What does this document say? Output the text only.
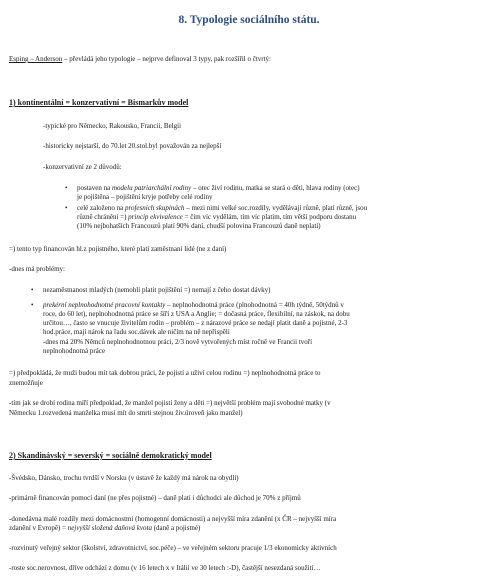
8. Typologie sociálního státu.
Esping – Anderson – převládá jeho typologie – nejprve definoval 3 typy, pak rozšířil o čtvrtý:
1) kontinentální = konzervativní = Bismarkův model
-typické pro Německo, Rakousko, Francii, Belgii
-historicky nejstarší, do 70.let 20.stol.byl považován za nejlepší
-konzervativní ze 2 důvodů:
• postaven na modelu patriarchální rodiny – otec živí rodinu, matka se stará o děti, hlava rodiny (otec)
je pojištěna – pojištění kryje potřeby celé rodiny
• celé založeno na profesních skupinách – mezi nimi velké soc.rozdíly, vydělávají různě, platí různě, jsou
různě chráněni =) princip ekvivalence = čím víc vydělám, tím víc platím, tím větší podporu dostanu
(10% nejbohatších Francouzů platí 90% daní, chudší polovina Francouzů daně neplatí)
=) tento typ financován hl.z pojistného, které platí zaměstnaní lidé (ne z daní)
-dnes má problémy:
• nezaměstnanost mladých (nemohli platit pojištění =) nemají z čeho dostat dávky)
• prekérní neplnohodnotné pracovní kontakty – neplnohodnotná práce (plnohodnotná = 40h týdně, 50týdnů v
roce, do 60 let), neplnohodnotná práce se šíří z USA a Anglie; = dočasná práce, flexibilní, na záskok, na dobu
určitou…, často se vnucuje živitelům rodin – problém – z nárazové práce se nedají platit daně a pojistné, 2-3
hod.práce, mají nárok na řadu soc.dávek ale ničím na ně nepřispěli
-dnes má 20% Němců neplnohodnotnou práci, 2/3 nově vytvořených míst ročně ve Francii tvoří
neplnohodnotná práce
=) předpokládá, že muži budou mít tak dobrou práci, že pojistí a uživí celou rodinu =) neplnohodnotná práce to
znemožňuje
-tím jak se drobí rodina míří předpoklad, že manžel pojistí ženy a děti =) největší problém mají svobodné matky (v
Německu 1.rozvedená manželka musí mít do smrti stejnou živ.úroveň jako manžel)
2) Skandinávský = severský = sociálně demokratický model
-Švédsko, Dánsko, trochu tvrdší v Norsku (v ústavě že každý má nárok na obydlí)
-primárně financován pomocí daní (ne přes pojistné) – daně platí i důchodci ale důchod je 70% z příjmů
-donedávna malé rozdíly mezi domácnostmi (homogenní domácnosti) a nejvyšší míra zdanění (x ČR – nejvyšší míra
zdanění v Evropě) = nejvyšší složená daňová kvota (daně a pojistné)
-rozvinutý veřejný sektor (školství, zdravotnictví, soc.péče) – ve veřejném sektoru pracuje 1/3 ekonomicky aktivních
-roste soc.nerovnost, dříve odchází z domu (v 16 letech x v Itálii ve 30 letech :-D), častější nesezdaná soužití…
